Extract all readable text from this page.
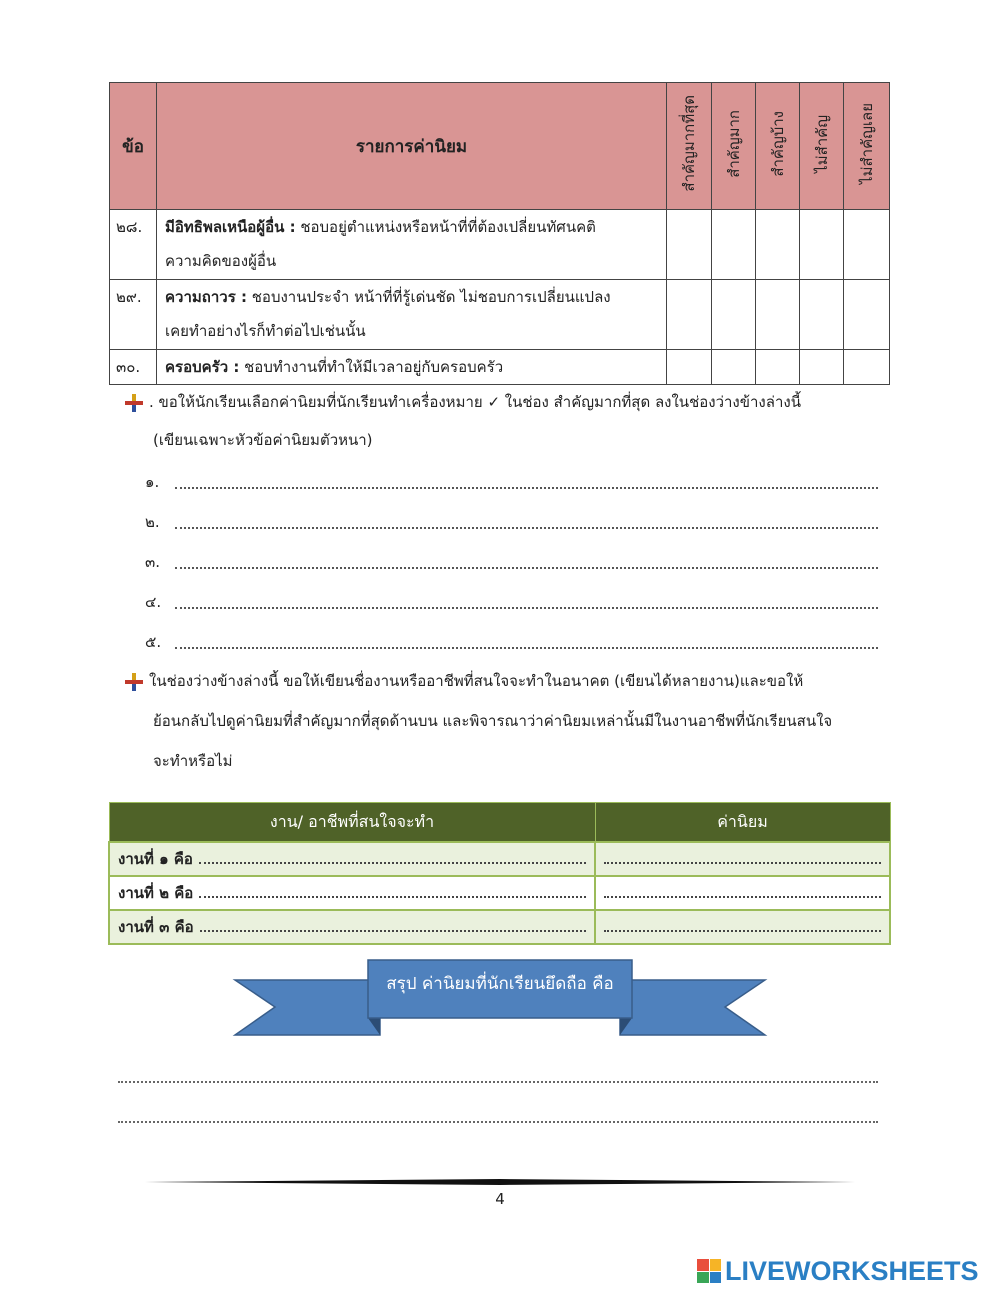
ข้อ	รายการค่านิยม	สำคัญมากที่สุด	สำคัญมาก	สำคัญบ้าง	ไม่สำคัญ	ไม่สำคัญเลย
๒๘.	มีอิทธิพลเหนือผู้อื่น : ชอบอยู่ตำแหน่งหรือหน้าที่ที่ต้องเปลี่ยนทัศนคติ
ความคิดของผู้อื่น					
๒๙.	ความถาวร : ชอบงานประจำ หน้าที่ที่รู้เด่นชัด ไม่ชอบการเปลี่ยนแปลง
เคยทำอย่างไรก็ทำต่อไปเช่นนั้น					
๓๐.	ครอบครัว : ชอบทำงานที่ทำให้มีเวลาอยู่กับครอบครัว					
. ขอให้นักเรียนเลือกค่านิยมที่นักเรียนทำเครื่องหมาย ✓ ในช่อง สำคัญมากที่สุด ลงในช่องว่างข้างล่างนี้
(เขียนเฉพาะหัวข้อค่านิยมตัวหนา)
๑.
๒.
๓.
๔.
๕.
ในช่องว่างข้างล่างนี้ ขอให้เขียนชื่องานหรืออาชีพที่สนใจจะทำในอนาคต (เขียนได้หลายงาน)และขอให้
ย้อนกลับไปดูค่านิยมที่สำคัญมากที่สุดด้านบน และพิจารณาว่าค่านิยมเหล่านั้นมีในงานอาชีพที่นักเรียนสนใจ
จะทำหรือไม่
งาน/ อาชีพที่สนใจจะทำ	ค่านิยม

งานที่ ๑ คือ	

งานที่ ๒ คือ	

งานที่ ๓ คือ	

สรุป ค่านิยมที่นักเรียนยึดถือ คือ
4
LIVEWORKSHEETS
